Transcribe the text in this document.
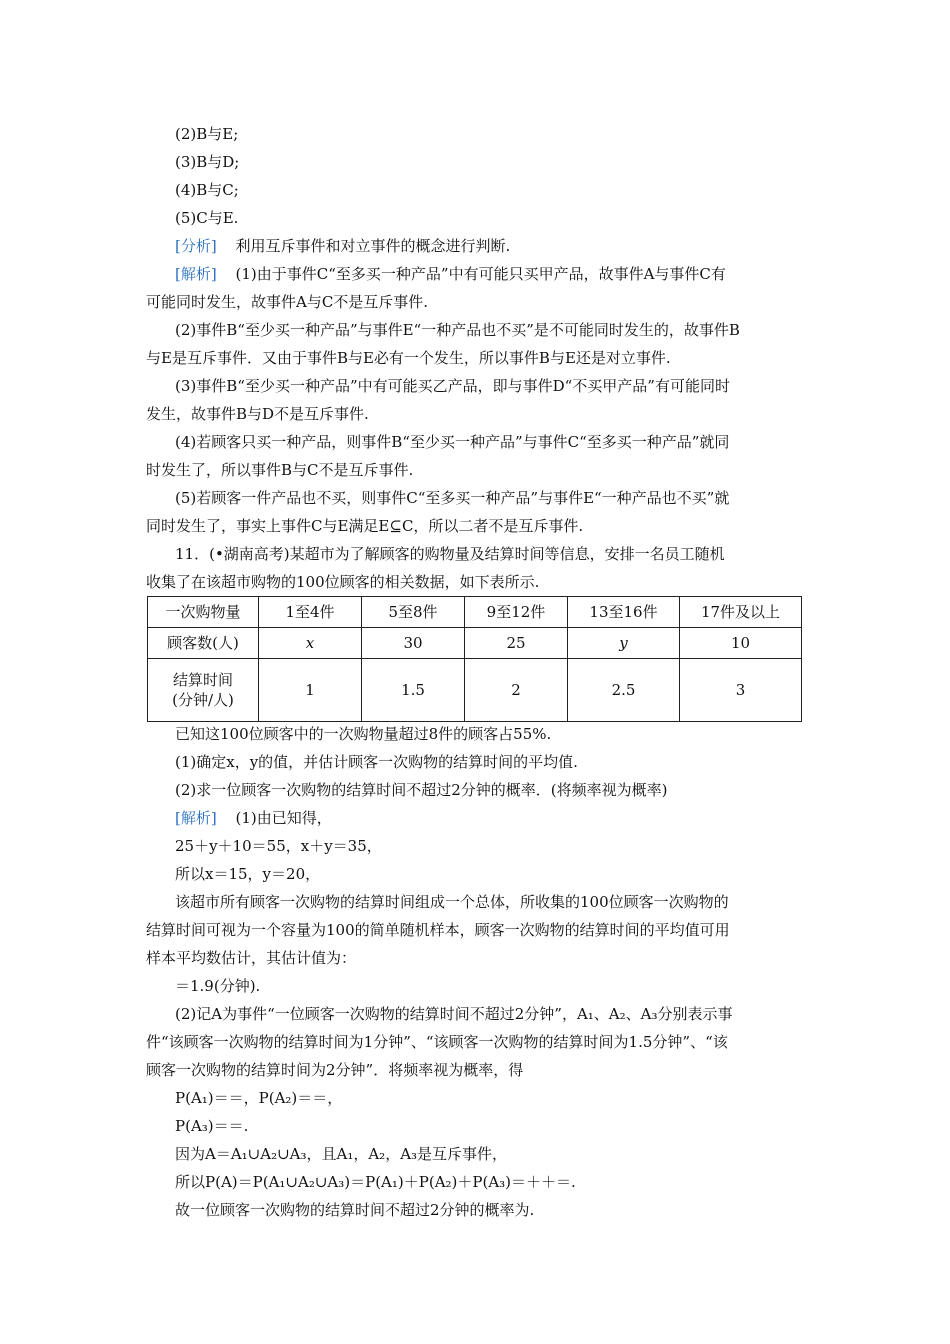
(2)B与E;
(3)B与D;
(4)B与C;
(5)C与E.
[分析] 利用互斥事件和对立事件的概念进行判断.
[解析] (1)由于事件C“至多买一种产品”中有可能只买甲产品，故事件A与事件C有
可能同时发生，故事件A与C不是互斥事件.
(2)事件B“至少买一种产品”与事件E“一种产品也不买”是不可能同时发生的，故事件B
与E是互斥事件．又由于事件B与E必有一个发生，所以事件B与E还是对立事件.
(3)事件B“至少买一种产品”中有可能买乙产品，即与事件D“不买甲产品”有可能同时
发生，故事件B与D不是互斥事件.
(4)若顾客只买一种产品，则事件B“至少买一种产品”与事件C“至多买一种产品”就同
时发生了，所以事件B与C不是互斥事件.
(5)若顾客一件产品也不买，则事件C“至多买一种产品”与事件E“一种产品也不买”就
同时发生了，事实上事件C与E满足E⊆C，所以二者不是互斥事件.
11．(•湖南高考)某超市为了解顾客的购物量及结算时间等信息，安排一名员工随机
收集了在该超市购物的100位顾客的相关数据，如下表所示.
一次购物量	1至4件	5至8件	9至12件	13至16件	17件及以上
顾客数(人)	x	30	25	y	10

结算时间
(分钟/人)	1	1.5	2	2.5	3
已知这100位顾客中的一次购物量超过8件的顾客占55%.
(1)确定x，y的值，并估计顾客一次购物的结算时间的平均值.
(2)求一位顾客一次购物的结算时间不超过2分钟的概率．(将频率视为概率)
[解析] (1)由已知得，
25＋y＋10＝55，x＋y＝35，
所以x＝15，y＝20，
该超市所有顾客一次购物的结算时间组成一个总体，所收集的100位顾客一次购物的
结算时间可视为一个容量为100的简单随机样本，顾客一次购物的结算时间的平均值可用
样本平均数估计，其估计值为：
＝1.9(分钟).
(2)记A为事件“一位顾客一次购物的结算时间不超过2分钟”，A₁、A₂、A₃分别表示事
件“该顾客一次购物的结算时间为1分钟”、“该顾客一次购物的结算时间为1.5分钟”、“该
顾客一次购物的结算时间为2分钟”．将频率视为概率，得
P(A₁)＝＝，P(A₂)＝＝，
P(A₃)＝＝.
因为A＝A₁∪A₂∪A₃，且A₁，A₂，A₃是互斥事件，
所以P(A)＝P(A₁∪A₂∪A₃)＝P(A₁)＋P(A₂)＋P(A₃)＝＋＋＝.
故一位顾客一次购物的结算时间不超过2分钟的概率为.
